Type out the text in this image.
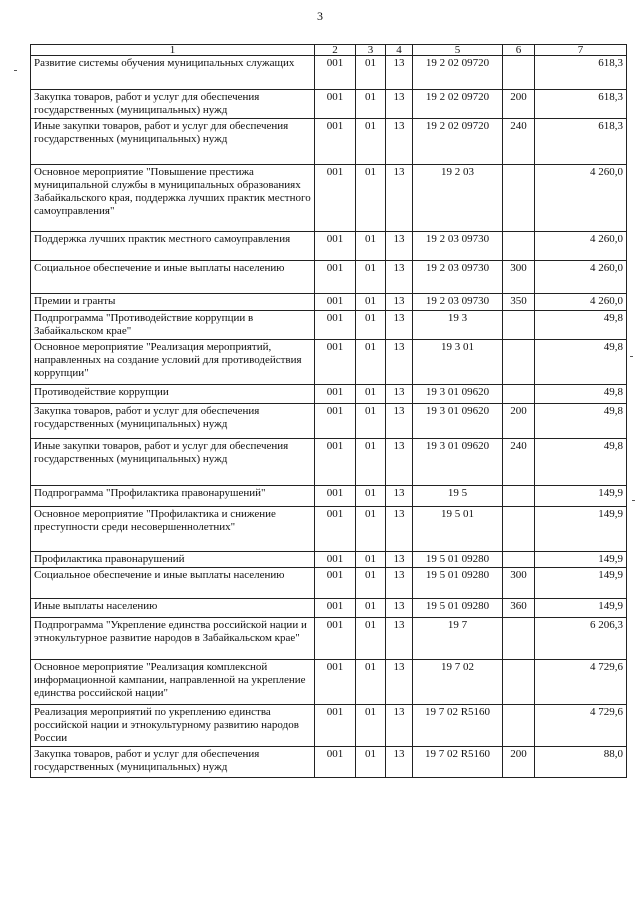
3
1	2	3	4	5	6	7
Развитие системы обучения муниципальных служащих	001	01	13	19 2 02 09720		618,3
Закупка товаров, работ и услуг для обеспечения государственных (муниципальных) нужд	001	01	13	19 2 02 09720	200	618,3
Иные закупки товаров, работ и услуг для обеспечения государственных (муниципальных) нужд	001	01	13	19 2 02 09720	240	618,3
Основное мероприятие "Повышение престижа муниципальной службы в муниципальных образованиях Забайкальского края, поддержка лучших практик местного самоуправления"	001	01	13	19 2 03		4 260,0
Поддержка лучших практик местного самоуправления	001	01	13	19 2 03 09730		4 260,0
Социальное обеспечение и иные выплаты населению	001	01	13	19 2 03 09730	300	4 260,0
Премии и гранты	001	01	13	19 2 03 09730	350	4 260,0
Подпрограмма "Противодействие коррупции в Забайкальском крае"	001	01	13	19 3		49,8
Основное мероприятие "Реализация мероприятий, направленных на создание условий для противодействия коррупции"	001	01	13	19 3 01		49,8
Противодействие коррупции	001	01	13	19 3 01 09620		49,8
Закупка товаров, работ и услуг для обеспечения государственных (муниципальных) нужд	001	01	13	19 3 01 09620	200	49,8
Иные закупки товаров, работ и услуг для обеспечения государственных (муниципальных) нужд	001	01	13	19 3 01 09620	240	49,8
Подпрограмма "Профилактика правонарушений"	001	01	13	19 5		149,9
Основное мероприятие "Профилактика и снижение преступности среди несовершеннолетних"	001	01	13	19 5 01		149,9
Профилактика правонарушений	001	01	13	19 5 01 09280		149,9
Социальное обеспечение и иные выплаты населению	001	01	13	19 5 01 09280	300	149,9
Иные выплаты населению	001	01	13	19 5 01 09280	360	149,9
Подпрограмма "Укрепление единства российской нации и этнокультурное развитие народов в Забайкальском крае"	001	01	13	19 7		6 206,3
Основное мероприятие "Реализация комплексной информационной кампании, направленной на укрепление единства российской нации"	001	01	13	19 7 02		4 729,6
Реализация мероприятий по укреплению единства российской нации и этнокультурному развитию народов России	001	01	13	19 7 02 R5160		4 729,6
Закупка товаров, работ и услуг для обеспечения государственных (муниципальных) нужд	001	01	13	19 7 02 R5160	200	88,0
